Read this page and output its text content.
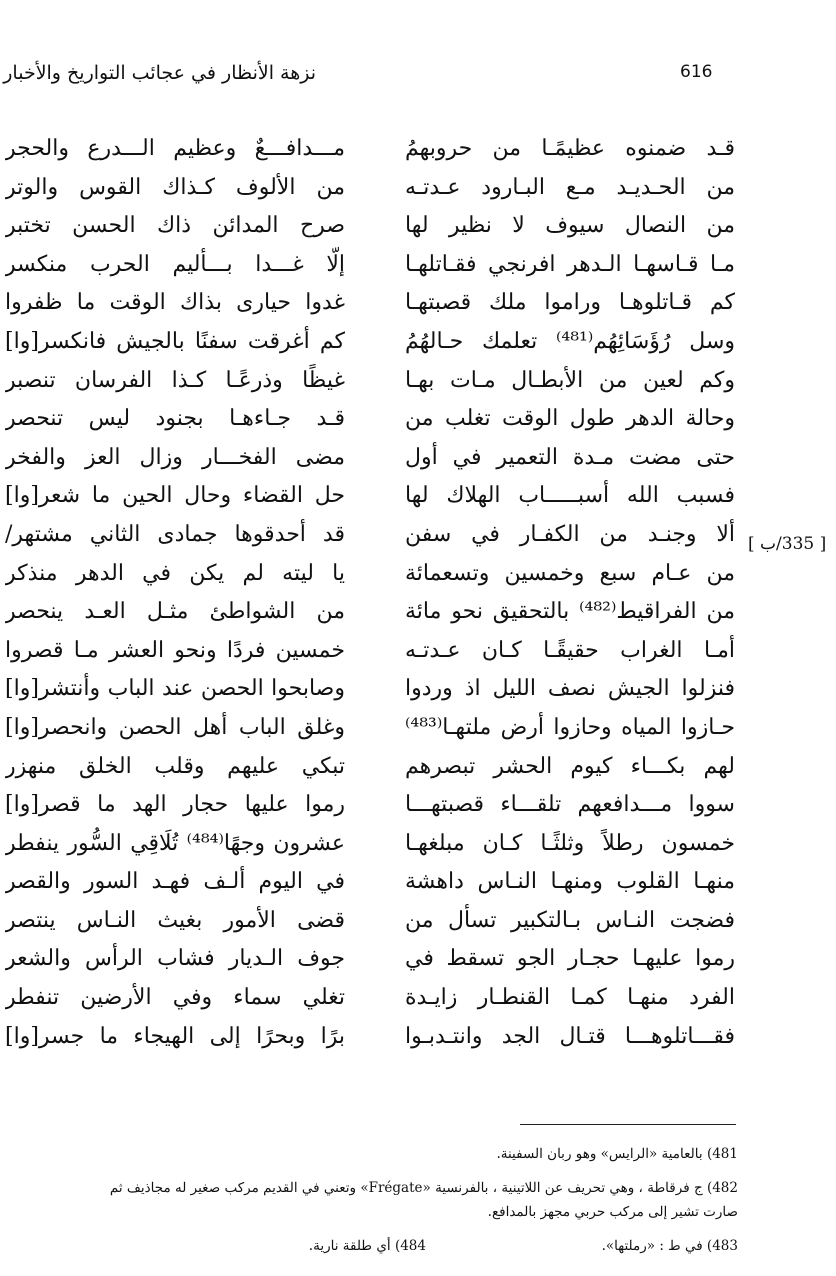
616
نزهة الأنظار في عجائب التواريخ والأخبار
[ 335/ب ]
قـد ضمنوه عظيمًـا من حروبهمُ
من الحـديـد مـع البـارود عـدتـه
من النصال سيوف لا نظير لها
مـا قـاسهـا الـدهر افرنجي فقـاتلهـا
كم قـاتلوهـا وراموا ملك قصبتهـا
وسل رُؤَسَائِهُم⁽⁴⁸¹⁾ تعلمك حـالهُمُ
وكم لعين من الأبطـال مـات بهـا
وحالة الدهر طول الوقت تغلب من
حتى مضت مـدة التعمير في أول
فسبب الله أسبـــــاب الهلاك لها
ألا وجنـد من الكفـار في سفن
من عـام سبع وخمسين وتسعمائة
من الفراقيط⁽⁴⁸²⁾ بالتحقيق نحو مائة
أمـا الغراب حقيقًـا كـان عـدتـه
فنزلوا الجيش نصف الليل اذ وردوا
حـازوا المياه وحازوا أرض ملتهـا⁽⁴⁸³⁾
لهم بكـــاء كيوم الحشر تبصرهم
سووا مـــدافعهم تلقـــاء قصبتهـــا
خمسون رطلاً وثلثًـا كـان مبلغهـا
منهـا القلوب ومنهـا النـاس داهشة
فضجت النـاس بـالتكبير تسأل من
رموا عليهـا حجـار الجو تسقط في
الفرد منهـا كمـا القنطـار زايـدة
فقـــاتلوهـــا قتـال الجد وانتـدبـوا
مـــدافـــعٌ وعظيم الـــدرع والحجر
من الألوف كـذاك القوس والوتر
صرح المدائن ذاك الحسن تختبر
إلّا غـــدا بـــأليم الحرب منكسر
غدوا حيارى بذاك الوقت ما ظفروا
كم أغرقت سفنًا بالجيش فانكسر[وا]
غيظًا وذرعًـا كـذا الفرسان تنصبر
قـد جـاءهـا بجنود ليس تنحصر
مضى الفخـــار وزال العز والفخر
حل القضاء وحال الحين ما شعر[وا]
قد أحدقوها جمادى الثاني مشتهر/
يا ليته لم يكن في الدهر منذكر
من الشواطئ مثـل العـد ينحصر
خمسين فردًا ونحو العشر مـا قصروا
وصابحوا الحصن عند الباب وأنتشر[وا]
وغلق الباب أهل الحصن وانحصر[وا]
تبكي عليهم وقلب الخلق منهزر
رموا عليها حجار الهد ما قصر[وا]
عشرون وجهًا⁽⁴⁸⁴⁾ تُلَاقِي السُّور ينفطر
في اليوم ألـف فهـد السور والقصر
قضى الأمور بغيث النـاس ينتصر
جوف الـديار فشاب الرأس والشعر
تغلي سماء وفي الأرضين تنفطر
برًا وبحرًا إلى الهيجاء ما جسر[وا]
481) بالعامية «الرايس» وهو ربان السفينة.
482) ج فرقاطة ، وهي تحريف عن اللاتينية ، بالفرنسية «Frégate» وتعني في القديم مركب صغير له مجاذيف ثم
صارت تشير إلى مركب حربي مجهز بالمدافع.
483) في ط : «رملتها».
484) أي طلقة نارية.
